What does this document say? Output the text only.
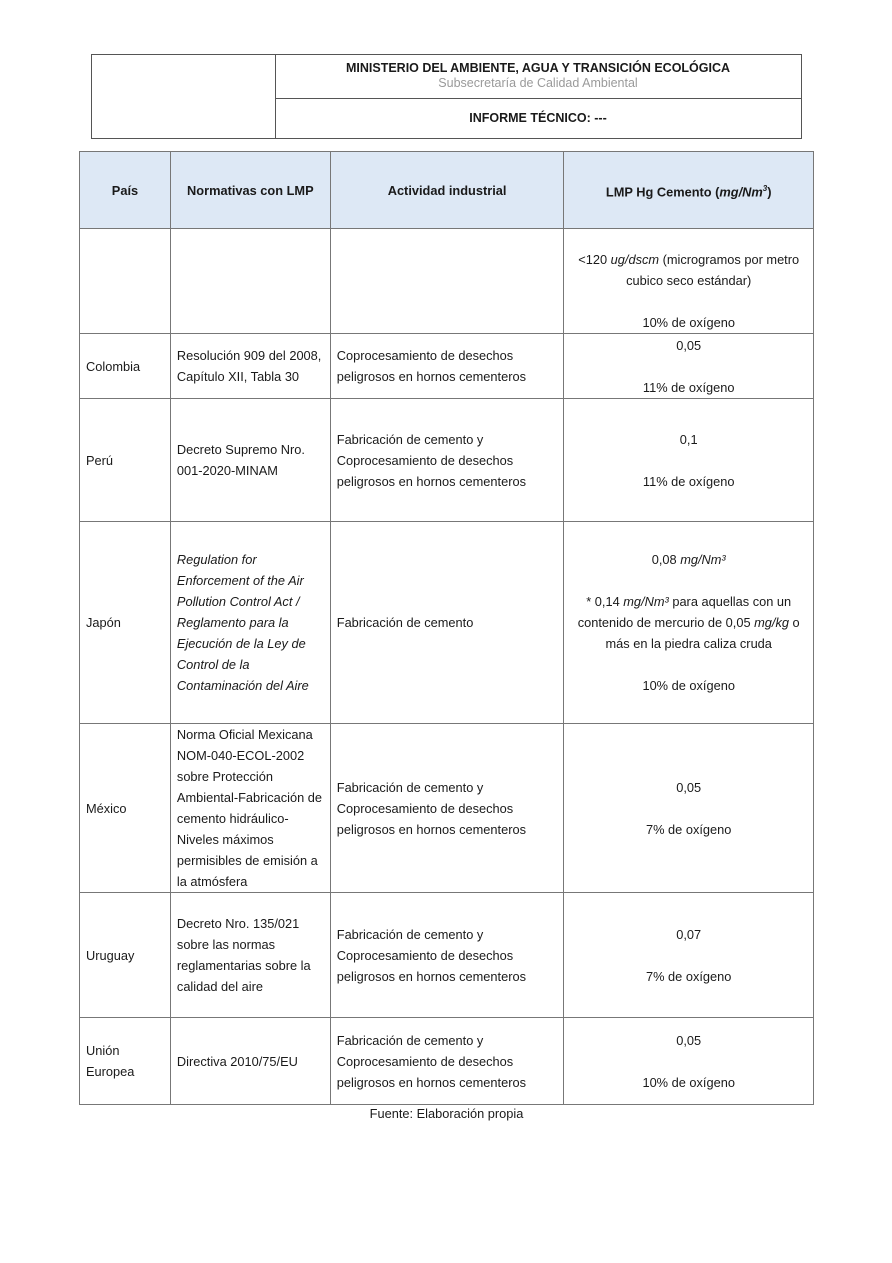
MINISTERIO DEL AMBIENTE, AGUA Y TRANSICIÓN ECOLÓGICA
Subsecretaría de Calidad Ambiental
INFORME TÉCNICO: ---
País	Normativas con LMP	Actividad industrial	LMP Hg Cemento (mg/Nm$^3$)

			<120 ug/dscm (microgramos por metro cubico seco estándar)

10% de oxígeno

Colombia	Resolución 909 del 2008, Capítulo XII, Tabla 30	Coprocesamiento de desechos peligrosos en hornos cementeros	0,05

11% de oxígeno

Perú	Decreto Supremo Nro. 001-2020-MINAM	Fabricación de cemento y Coprocesamiento de desechos peligrosos en hornos cementeros	0,1

11% de oxígeno

Japón	Regulation for Enforcement of the Air Pollution Control Act / Reglamento para la Ejecución de la Ley de Control de la Contaminación del Aire	Fabricación de cemento	0,08 mg/Nm³

* 0,14 mg/Nm³ para aquellas con un contenido de mercurio de 0,05 mg/kg o más en la piedra caliza cruda

10% de oxígeno

México	Norma Oficial Mexicana NOM-040-ECOL-2002 sobre Protección Ambiental-Fabricación de cemento hidráulico-Niveles máximos permisibles de emisión a la atmósfera	Fabricación de cemento y Coprocesamiento de desechos peligrosos en hornos cementeros	0,05

7% de oxígeno

Uruguay	Decreto Nro. 135/021 sobre las normas reglamentarias sobre la calidad del aire	Fabricación de cemento y Coprocesamiento de desechos peligrosos en hornos cementeros	0,07

7% de oxígeno

Unión Europea	Directiva 2010/75/EU	Fabricación de cemento y Coprocesamiento de desechos peligrosos en hornos cementeros	0,05

10% de oxígeno

Fuente: Elaboración propia
